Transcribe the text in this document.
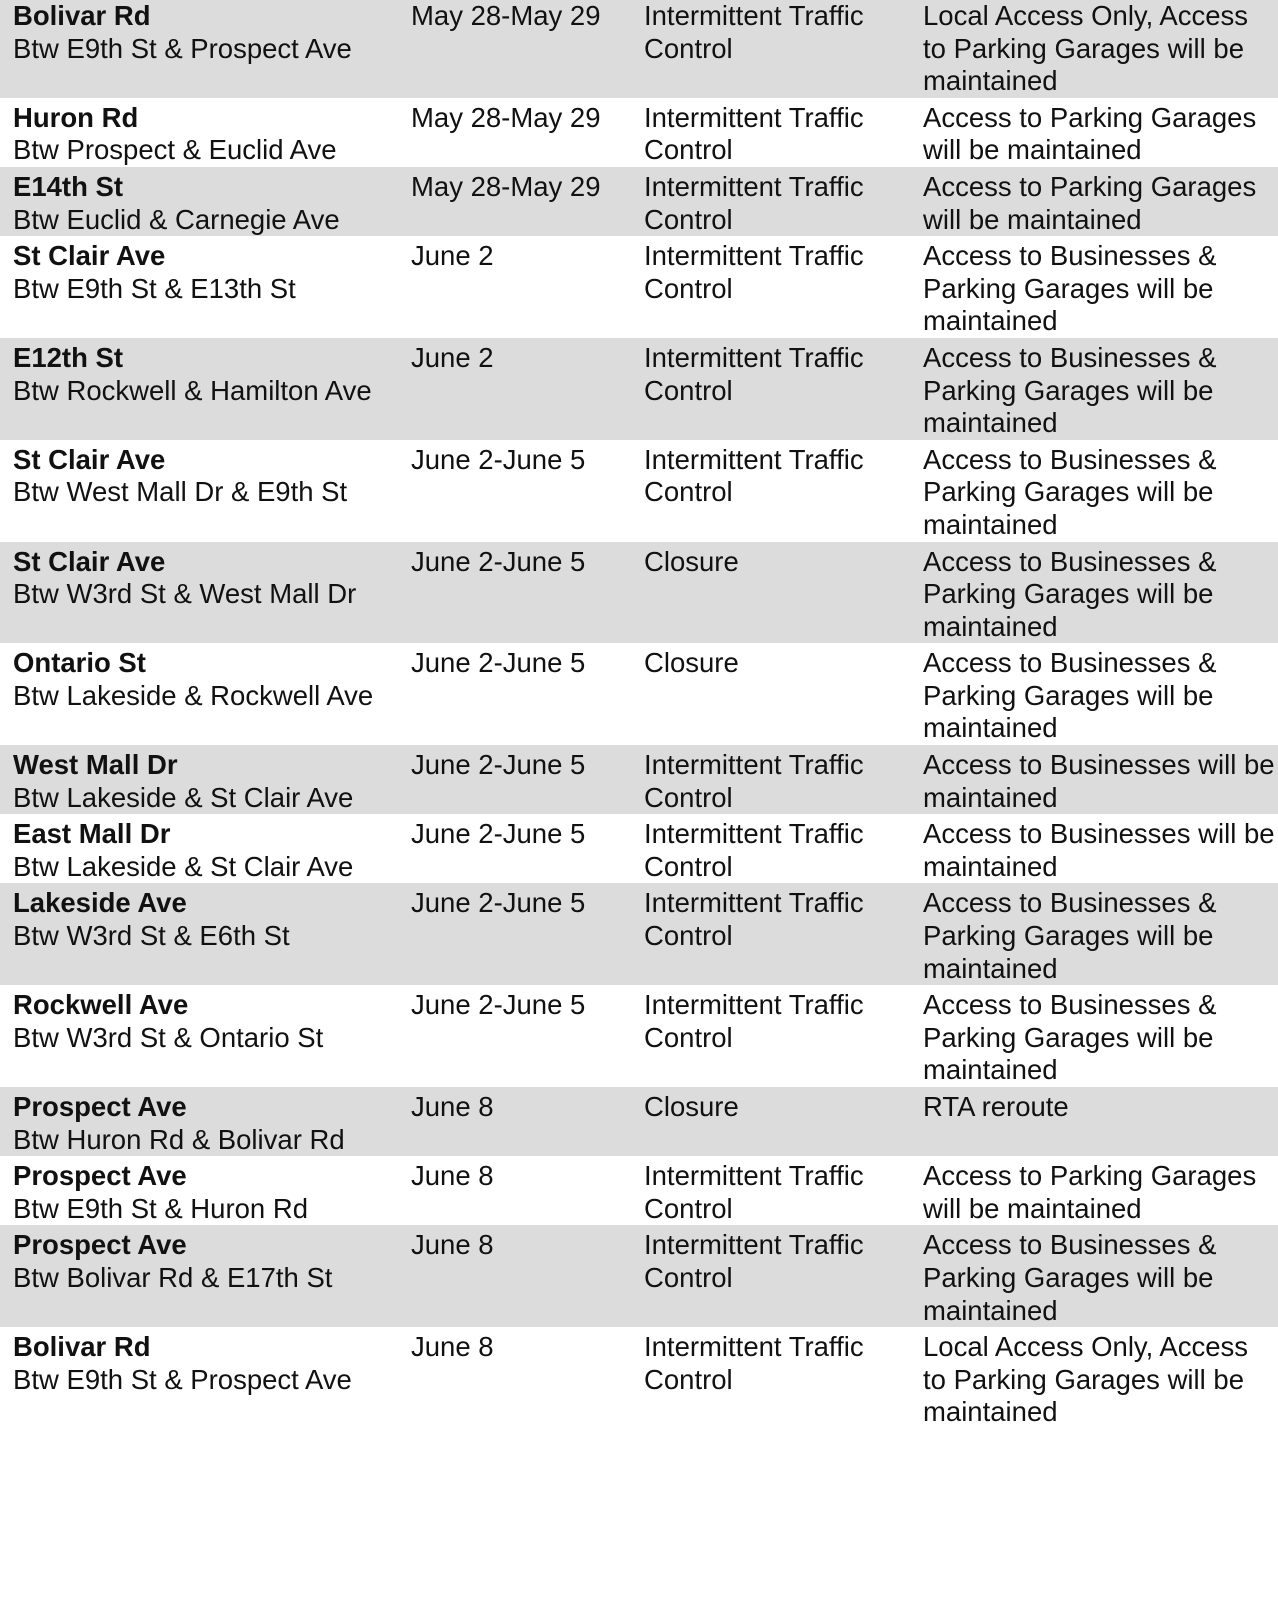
Bolivar Rd
Btw E9th St & Prospect Ave	May 28-May 29	Intermittent Traffic Control	Local Access Only, Access to Parking Garages will be maintained

Huron Rd
Btw Prospect & Euclid Ave	May 28-May 29	Intermittent Traffic Control	Access to Parking Garages will be maintained

E14th St
Btw Euclid & Carnegie Ave	May 28-May 29	Intermittent Traffic Control	Access to Parking Garages will be maintained

St Clair Ave
Btw E9th St & E13th St	June 2	Intermittent Traffic Control	Access to Businesses & Parking Garages will be maintained

E12th St
Btw Rockwell & Hamilton Ave	June 2	Intermittent Traffic Control	Access to Businesses & Parking Garages will be maintained

St Clair Ave
Btw West Mall Dr & E9th St	June 2-June 5	Intermittent Traffic Control	Access to Businesses & Parking Garages will be maintained

St Clair Ave
Btw W3rd St & West Mall Dr	June 2-June 5	Closure	Access to Businesses & Parking Garages will be maintained

Ontario St
Btw Lakeside & Rockwell Ave	June 2-June 5	Closure	Access to Businesses & Parking Garages will be maintained

West Mall Dr
Btw Lakeside & St Clair Ave	June 2-June 5	Intermittent Traffic Control	Access to Businesses will be maintained

East Mall Dr
Btw Lakeside & St Clair Ave	June 2-June 5	Intermittent Traffic Control	Access to Businesses will be maintained

Lakeside Ave
Btw W3rd St & E6th St	June 2-June 5	Intermittent Traffic Control	Access to Businesses & Parking Garages will be maintained

Rockwell Ave
Btw W3rd St & Ontario St	June 2-June 5	Intermittent Traffic Control	Access to Businesses & Parking Garages will be maintained

Prospect Ave
Btw Huron Rd & Bolivar Rd	June 8	Closure	RTA reroute

Prospect Ave
Btw E9th St & Huron Rd	June 8	Intermittent Traffic Control	Access to Parking Garages will be maintained

Prospect Ave
Btw Bolivar Rd & E17th St	June 8	Intermittent Traffic Control	Access to Businesses & Parking Garages will be maintained

Bolivar Rd
Btw E9th St & Prospect Ave	June 8	Intermittent Traffic Control	Local Access Only, Access to Parking Garages will be maintained
